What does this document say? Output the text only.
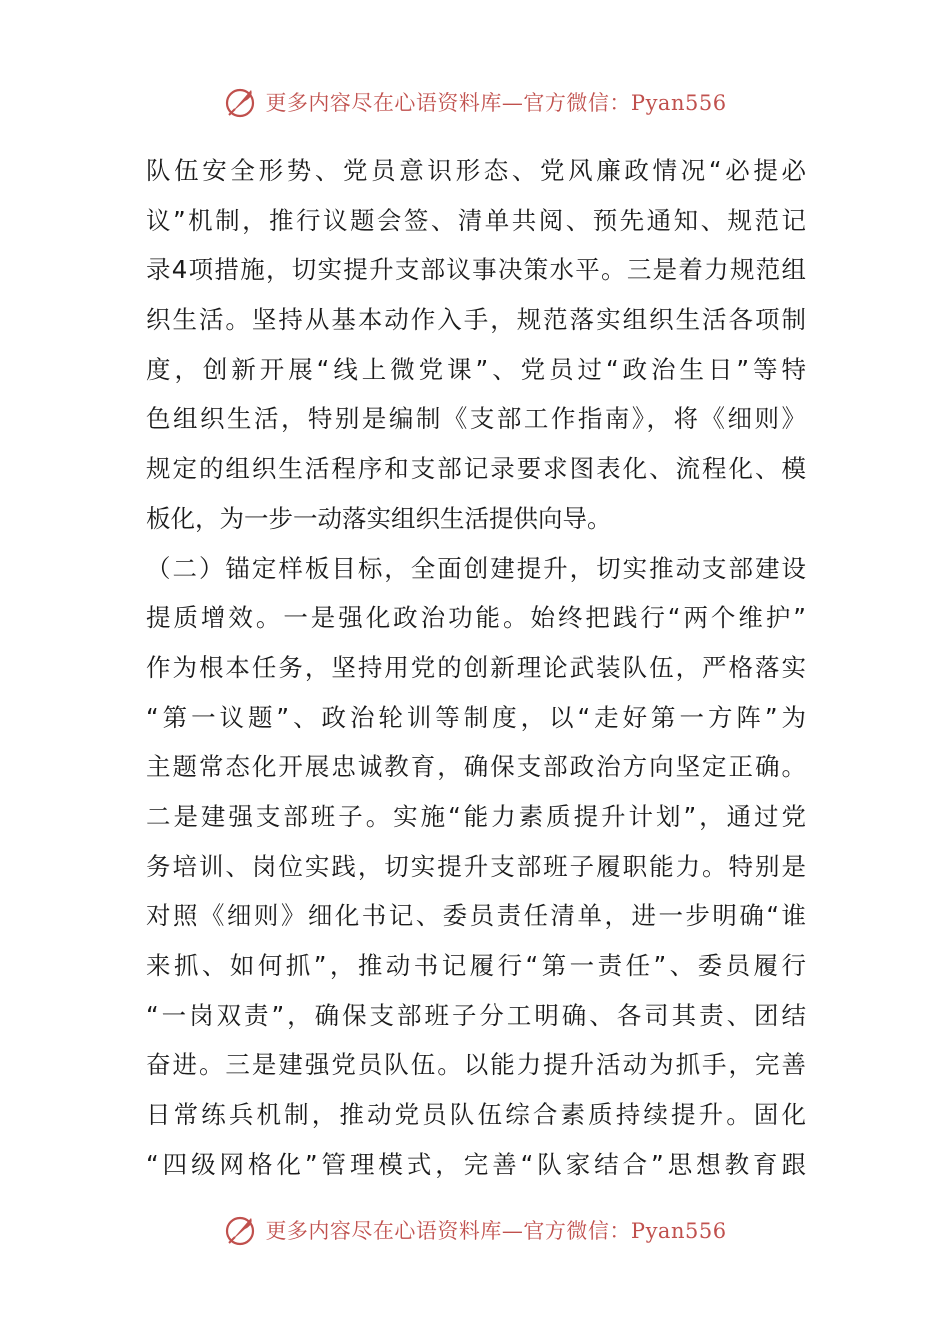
更多内容尽在心语资料库—官方微信：Pyan556
队伍安全形势、党员意识形态、党风廉政情况“必提必
议”机制，推行议题会签、清单共阅、预先通知、规范记
录4项措施，切实提升支部议事决策水平。三是着力规范组
织生活。坚持从基本动作入手，规范落实组织生活各项制
度，创新开展“线上微党课”、党员过“政治生日”等特
色组织生活，特别是编制《支部工作指南》，将《细则》
规定的组织生活程序和支部记录要求图表化、流程化、模
板化，为一步一动落实组织生活提供向导。
（二）锚定样板目标，全面创建提升，切实推动支部建设
提质增效。一是强化政治功能。始终把践行“两个维护”
作为根本任务，坚持用党的创新理论武装队伍，严格落实
“第一议题”、政治轮训等制度，以“走好第一方阵”为
主题常态化开展忠诚教育，确保支部政治方向坚定正确。
二是建强支部班子。实施“能力素质提升计划”，通过党
务培训、岗位实践，切实提升支部班子履职能力。特别是
对照《细则》细化书记、委员责任清单，进一步明确“谁
来抓、如何抓”，推动书记履行“第一责任”、委员履行
“一岗双责”，确保支部班子分工明确、各司其责、团结
奋进。三是建强党员队伍。以能力提升活动为抓手，完善
日常练兵机制，推动党员队伍综合素质持续提升。固化
“四级网格化”管理模式，完善“队家结合”思想教育跟
更多内容尽在心语资料库—官方微信：Pyan556
